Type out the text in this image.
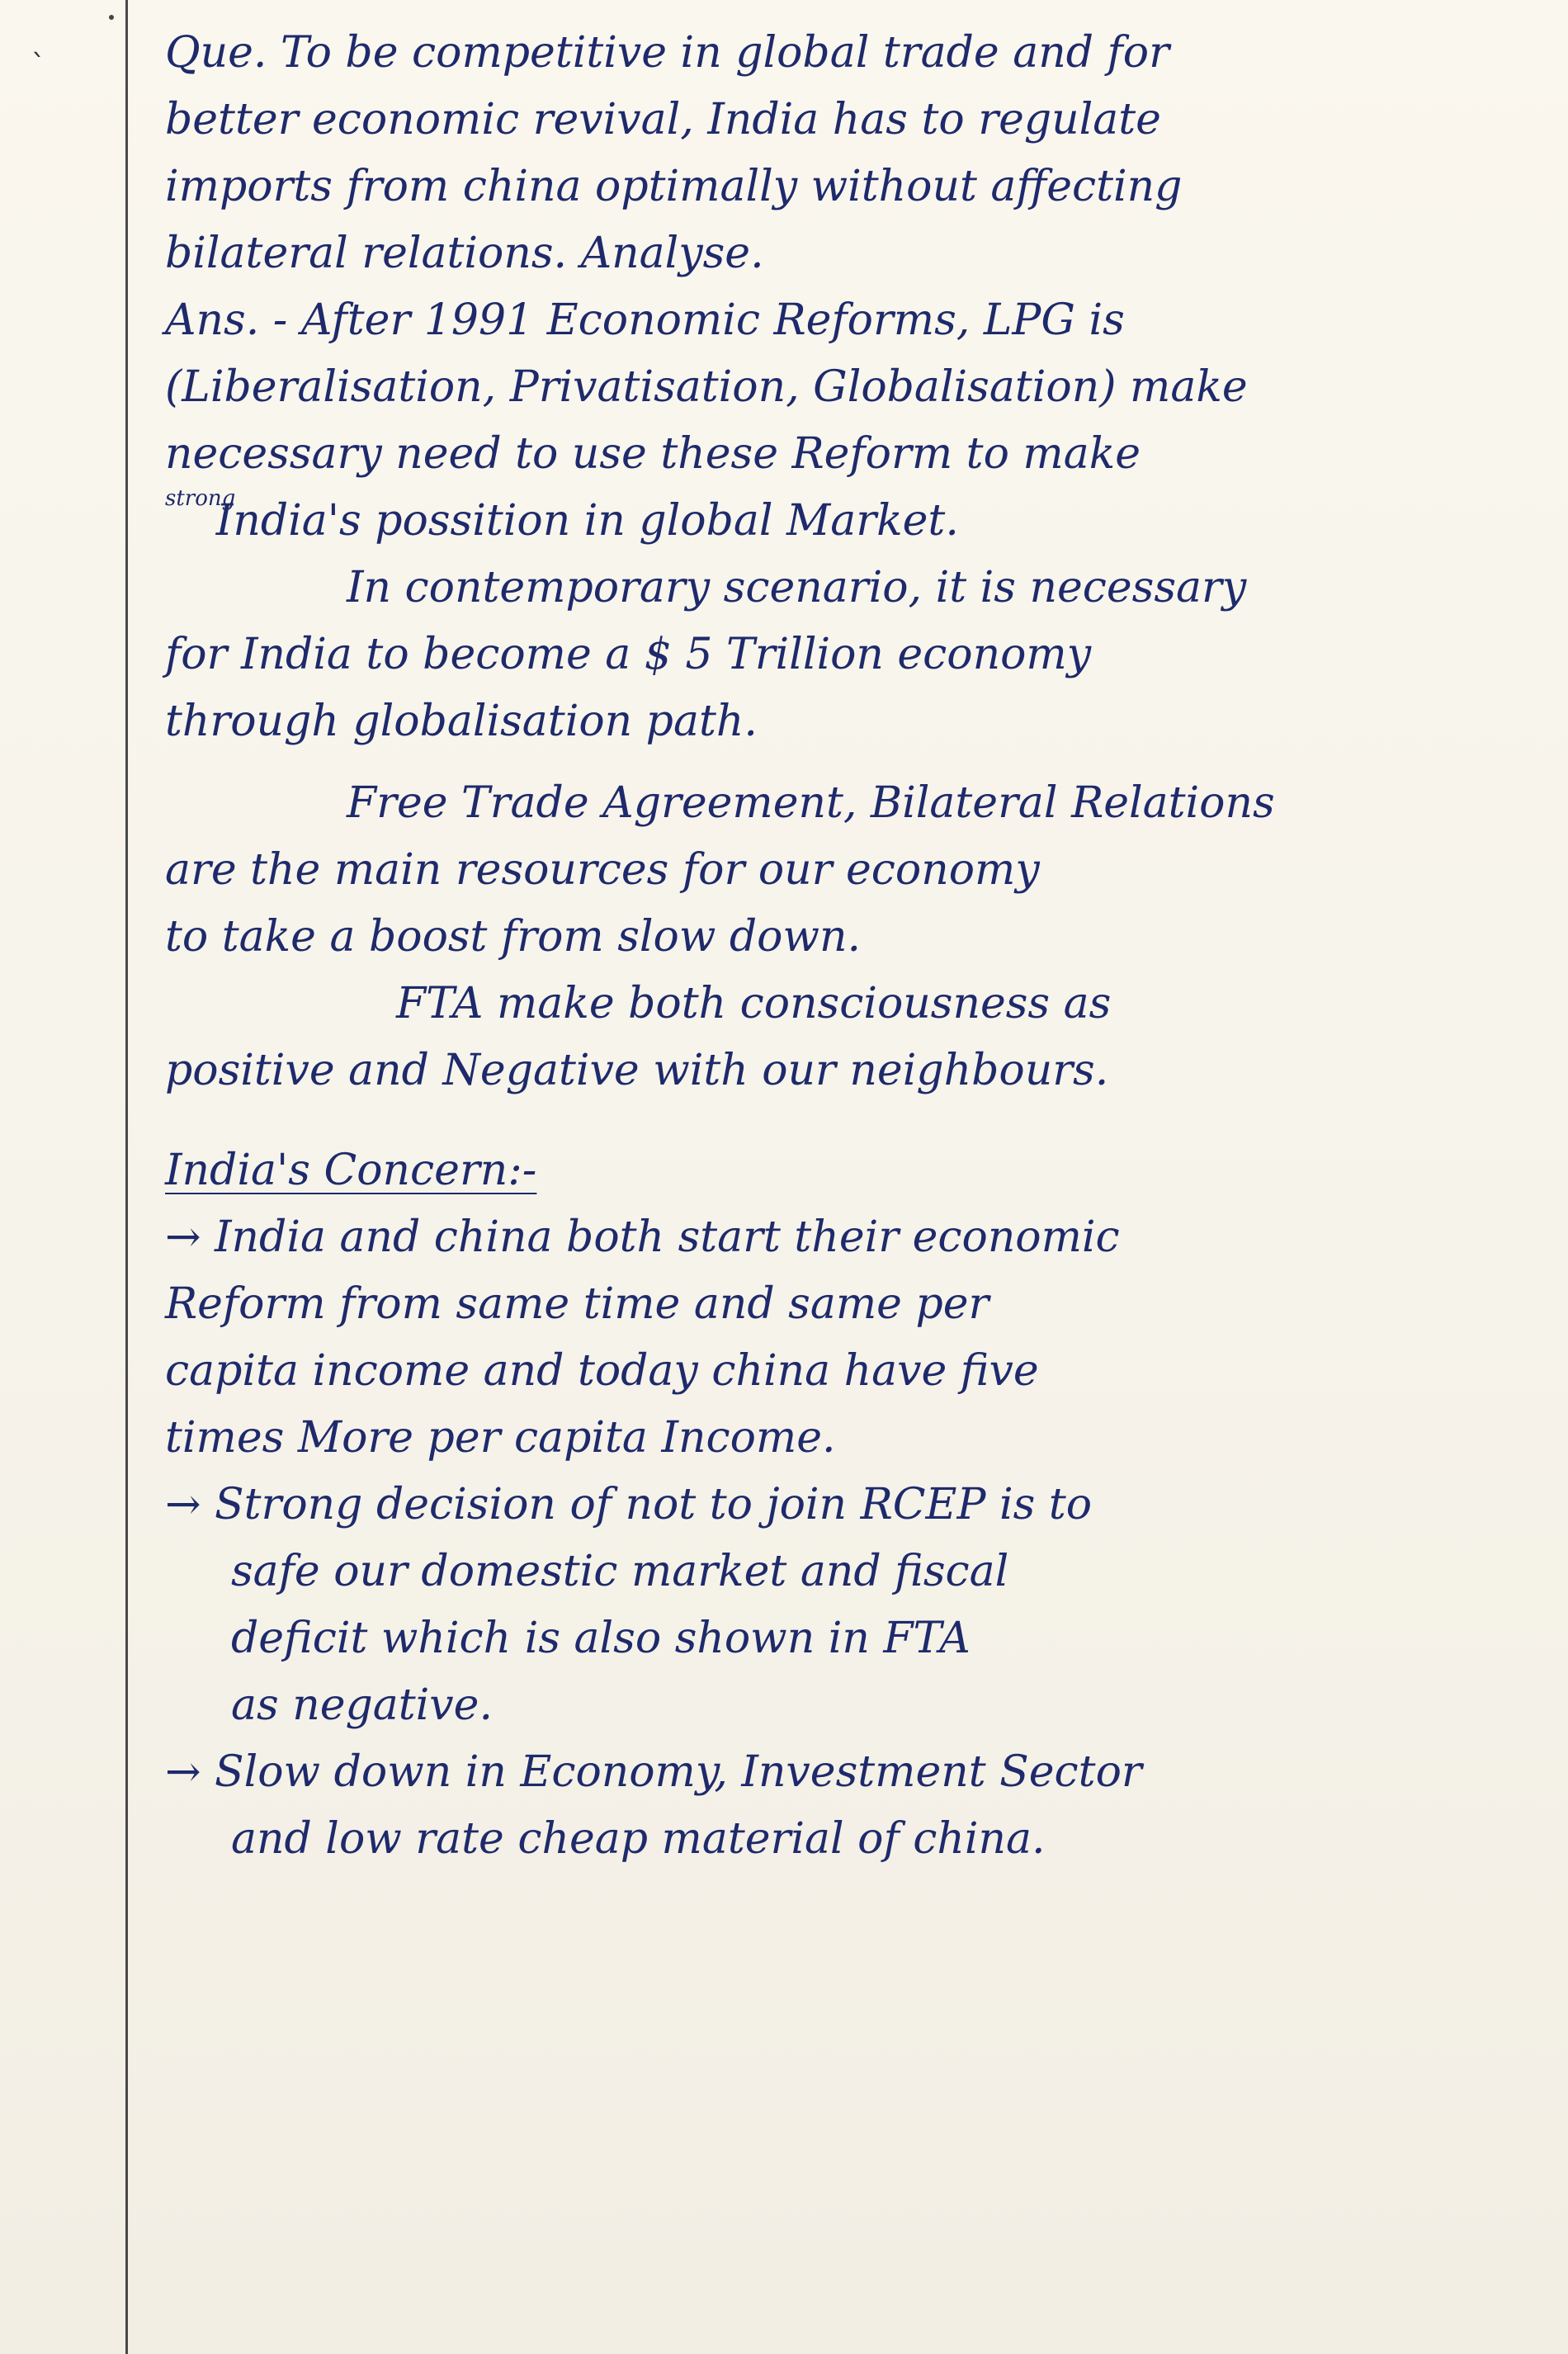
ˎ	Que. To be competitive in global trade and for
better economic revival, India has to regulate
imports from china optimally without affecting
bilateral relations. Analyse.
Ans. - After 1991 Economic Reforms, LPG is
(Liberalisation, Privatisation, Globalisation) make
necessary need to use these Reform to make
$^{strong}$ India's possition in global Market.
In contemporary scenario, it is necessary
for India to become a $ 5 Trillion economy
through globalisation path.
Free Trade Agreement, Bilateral Relations
are the main resources for our economy
to take a boost from slow down.
FTA make both consciousness as
positive and Negative with our neighbours.
India's Concern:-
→ India and china both start their economic
Reform from same time and same per
capita income and today china have five
times More per capita Income.
→ Strong decision of not to join RCEP is to
safe our domestic market and fiscal
deficit which is also shown in FTA
as negative.
→ Slow down in Economy, Investment Sector
and low rate cheap material of china.
